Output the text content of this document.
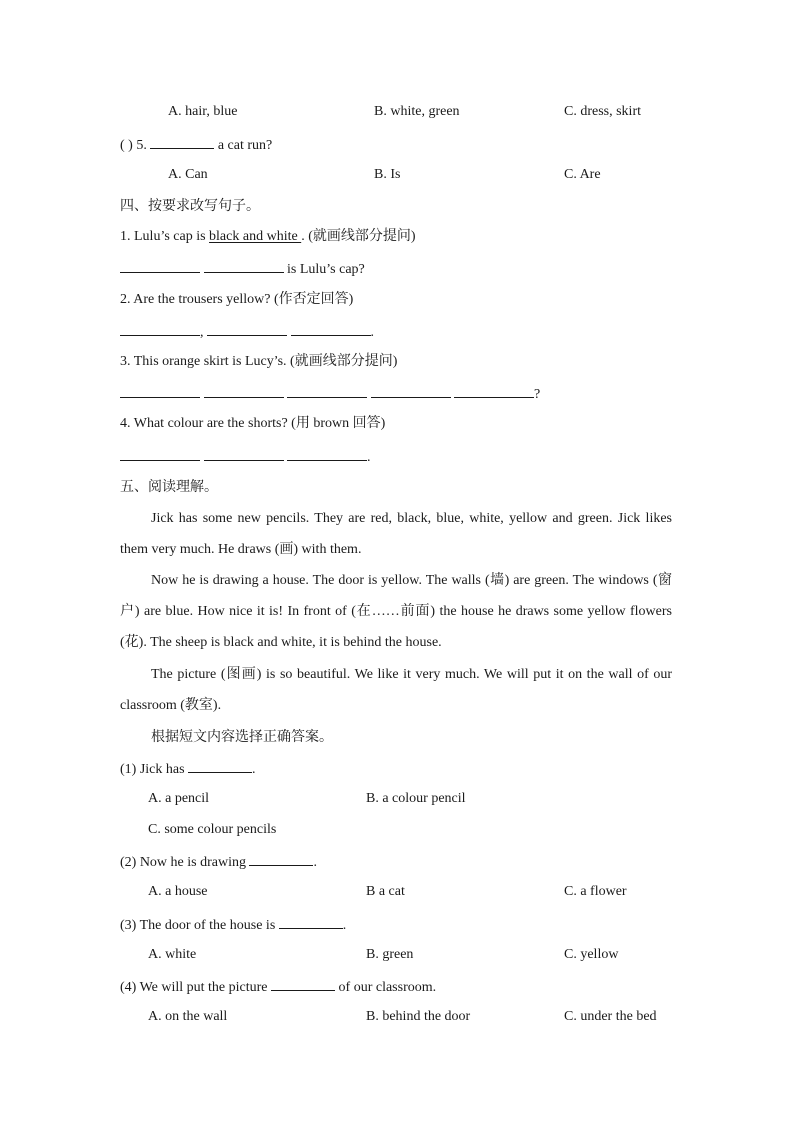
A. hair, blue	B. white, green	C. dress, skirt
( ) 5.	a cat run?
A. Can	B. Is	C. Are
四、按要求改写句子。
1. Lulu’s cap is black and white . (就画线部分提问)
is Lulu’s cap?
2. Are the trousers yellow? (作否定回答)
,	.
3. This orange skirt is Lucy’s. (就画线部分提问)
?
4. What colour are the shorts? (用 brown 回答)
.
五、阅读理解。
Jick has some new pencils. They are red, black, blue, white, yellow and green. Jick likes them very much. He draws (画) with them.
Now he is drawing a house. The door is yellow. The walls (墙) are green. The windows (窗户) are blue. How nice it is! In front of (在……前面) the house he draws some yellow flowers (花). The sheep is black and white, it is behind the house.
The picture (图画) is so beautiful. We like it very much. We will put it on the wall of our classroom (教室).
根据短文内容选择正确答案。
(1) Jick has	.
A. a pencil	B. a colour pencil
C. some colour pencils
(2) Now he is drawing	.
A. a house	B a cat	C. a flower
(3) The door of the house is	.
A. white	B. green	C. yellow
(4) We will put the picture	of our classroom.
A. on the wall	B. behind the door	C. under the bed
